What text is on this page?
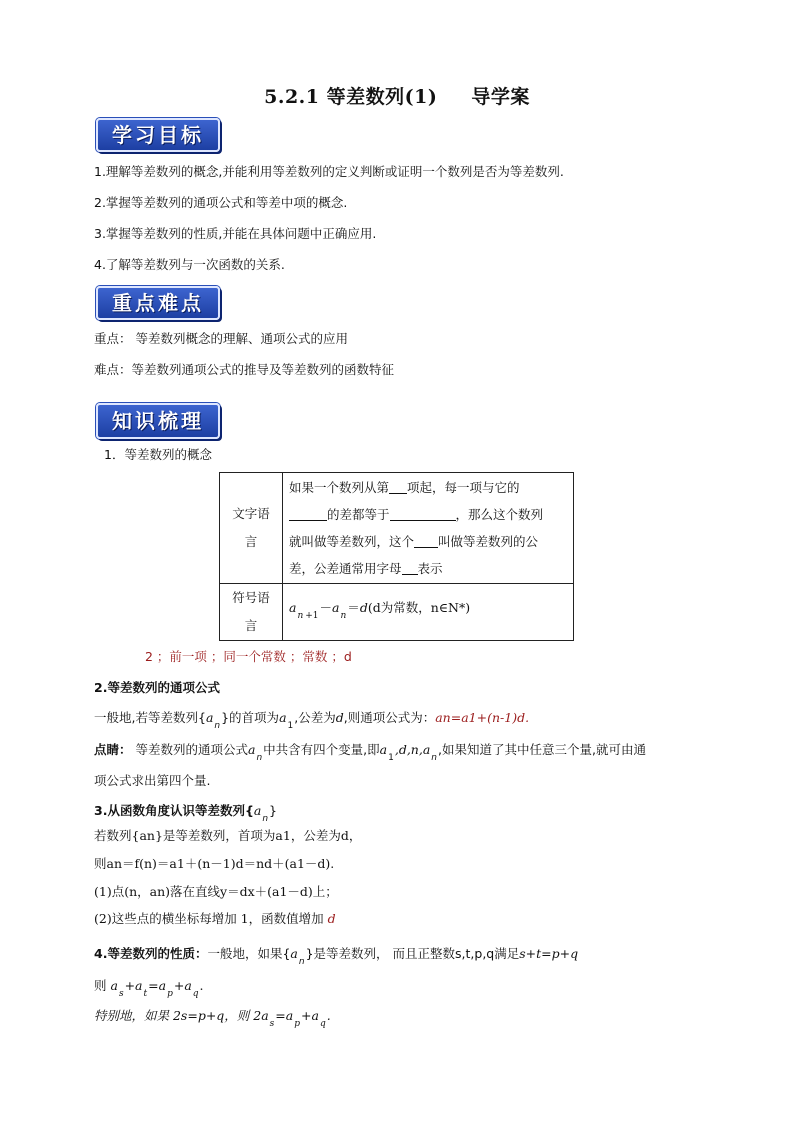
5.2.1 等差数列(1) 导学案
学习目标
1.理解等差数列的概念,并能利用等差数列的定义判断或证明一个数列是否为等差数列.
2.掌握等差数列的通项公式和等差中项的概念.
3.掌握等差数列的性质,并能在具体问题中正确应用.
4.了解等差数列与一次函数的关系.
重点难点
重点： 等差数列概念的理解、通项公式的应用
难点：等差数列通项公式的推导及等差数列的函数特征
知识梳理
1．等差数列的概念
文字语言	如果一个数列从第 项起，每一项与它的
的差都等于 ，那么这个数列
就叫做等差数列，这个 叫做等差数列的公
差，公差通常用字母 表示

符号语言	$a_n$ $_{+1}-a_n=d(d$为常数，n∈N*)
2 ；前一项 ；同一个常数 ；常数 ；d
2.等差数列的通项公式
一般地,若等差数列$\{a_n\}$的首项为$a_1$,公差为d,则通项公式为：an=a1+(n-1)d.
点睛： 等差数列的通项公式$a_n$中共含有四个变量,即$a_1,d,n,a_n$,如果知道了其中任意三个量,就可由通
项公式求出第四个量.
3.从函数角度认识等差数列$\{a_n\}$
若数列{an}是等差数列，首项为a1，公差为d，
则an＝f(n)＝a1＋(n－1)d＝nd＋(a1－d).
(1)点(n，an)落在直线y＝dx＋(a1－d)上；
(2)这些点的横坐标每增加 1，函数值增加 d
4.等差数列的性质：一般地，如果$\{a_n\}$是等差数列， 而且正整数s,t,p,q满足s+t=p+q
则 $a_s+a_t=a_p+a_q$.
特别地，如果 2s=p+q，则 $2a_s=a_p+a_q$.
